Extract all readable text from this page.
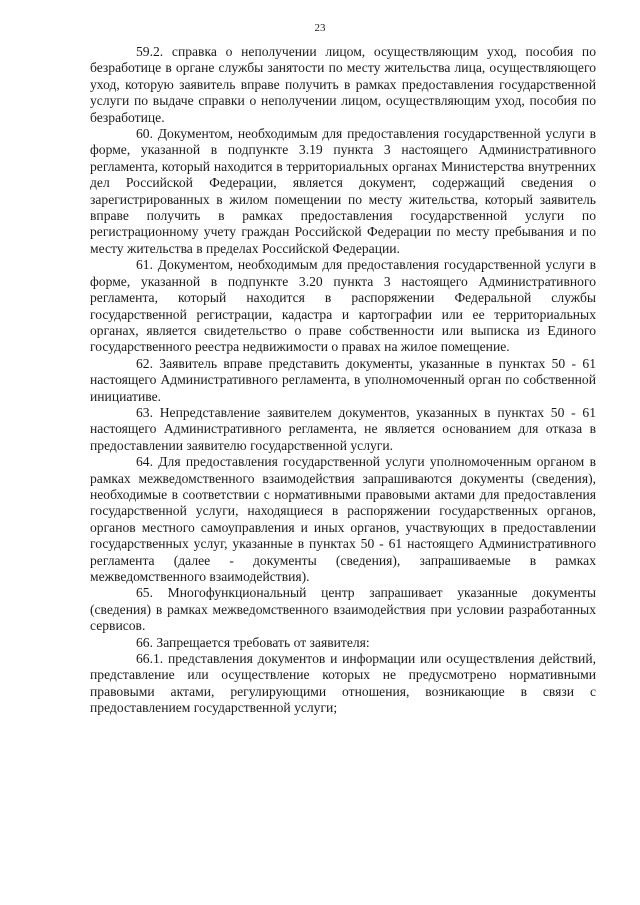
23

59.2. справка о неполучении лицом, осуществляющим уход, пособия по безработице в органе службы занятости по месту жительства лица, осуществляющего уход, которую заявитель вправе получить в рамках предоставления государственной услуги по выдаче справки о неполучении лицом, осуществляющим уход, пособия по безработице.

60. Документом, необходимым для предоставления государственной услуги в форме, указанной в подпункте 3.19 пункта 3 настоящего Административного регламента, который находится в территориальных органах Министерства внутренних дел Российской Федерации, является документ, содержащий сведения о зарегистрированных в жилом помещении по месту жительства, который заявитель вправе получить в рамках предоставления государственной услуги по регистрационному учету граждан Российской Федерации по месту пребывания и по месту жительства в пределах Российской Федерации.

61. Документом, необходимым для предоставления государственной услуги в форме, указанной в подпункте 3.20 пункта 3 настоящего Административного регламента, который находится в распоряжении Федеральной службы государственной регистрации, кадастра и картографии или ее территориальных органах, является свидетельство о праве собственности или выписка из Единого государственного реестра недвижимости о правах на жилое помещение.

62. Заявитель вправе представить документы, указанные в пунктах 50 - 61 настоящего Административного регламента, в уполномоченный орган по собственной инициативе.

63. Непредставление заявителем документов, указанных в пунктах 50 - 61 настоящего Административного регламента, не является основанием для отказа в предоставлении заявителю государственной услуги.

64. Для предоставления государственной услуги уполномоченным органом в рамках межведомственного взаимодействия запрашиваются документы (сведения), необходимые в соответствии с нормативными правовыми актами для предоставления государственной услуги, находящиеся в распоряжении государственных органов, органов местного самоуправления и иных органов, участвующих в предоставлении государственных услуг, указанные в пунктах 50 - 61 настоящего Административного регламента (далее - документы (сведения), запрашиваемые в рамках межведомственного взаимодействия).

65. Многофункциональный центр запрашивает указанные документы (сведения) в рамках межведомственного взаимодействия при условии разработанных сервисов.

66. Запрещается требовать от заявителя:

66.1. представления документов и информации или осуществления действий, представление или осуществление которых не предусмотрено нормативными правовыми актами, регулирующими отношения, возникающие в связи с предоставлением государственной услуги;
